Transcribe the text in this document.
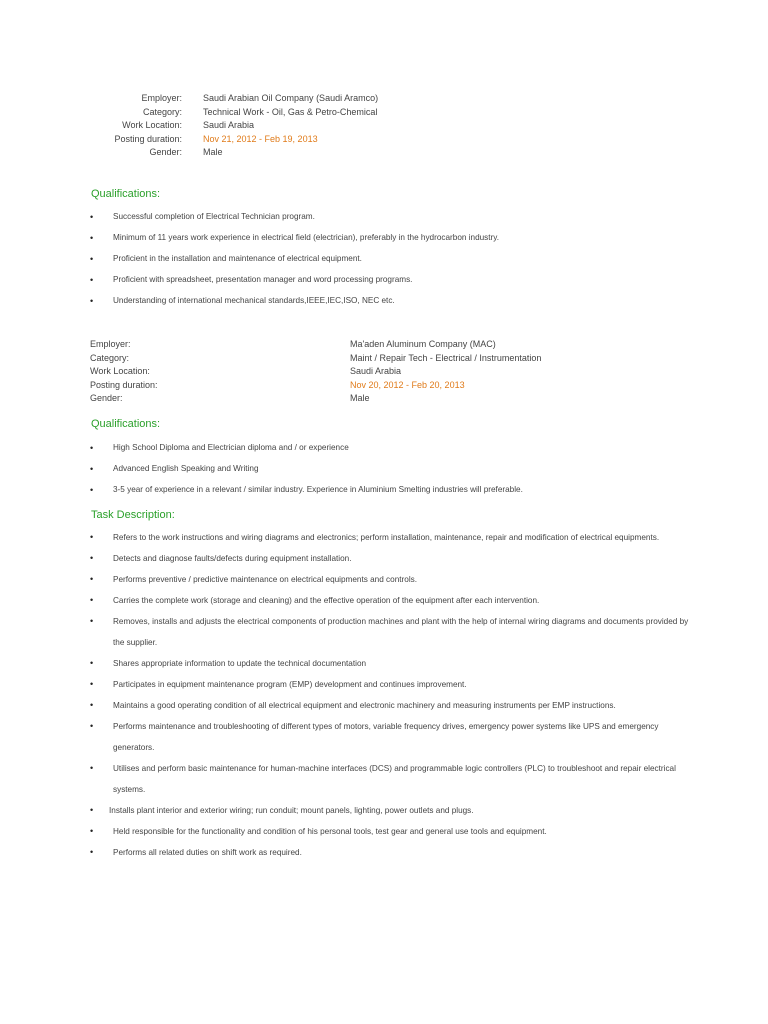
Employer: Saudi Arabian Oil Company (Saudi Aramco)
Category: Technical Work - Oil, Gas & Petro-Chemical
Work Location: Saudi Arabia
Posting duration: Nov 21, 2012 - Feb 19, 2013
Gender: Male
Qualifications:
• Successful completion of Electrical Technician program.
• Minimum of 11 years work experience in electrical field (electrician), preferably in the hydrocarbon industry.
• Proficient in the installation and maintenance of electrical equipment.
• Proficient with spreadsheet, presentation manager and word processing programs.
• Understanding of international mechanical standards,IEEE,IEC,ISO, NEC etc.
Employer:	Ma'aden Aluminum Company (MAC)
Category:	Maint / Repair Tech - Electrical / Instrumentation
Work Location:	Saudi Arabia
Posting duration:	Nov 20, 2012 - Feb 20, 2013
Gender:	Male
Qualifications:
• High School Diploma and Electrician diploma and / or experience
• Advanced English Speaking and Writing
• 3-5 year of experience in a relevant / similar industry. Experience in Aluminium Smelting industries will preferable.
Task Description:
• Refers to the work instructions and wiring diagrams and electronics; perform installation, maintenance, repair and modification of electrical equipments.
• Detects and diagnose faults/defects during equipment installation.
• Performs preventive / predictive maintenance on electrical equipments and controls.
• Carries the complete work (storage and cleaning) and the effective operation of the equipment after each intervention.
• Removes, installs and adjusts the electrical components of production machines and plant with the help of internal wiring diagrams and documents provided by the supplier.
• Shares appropriate information to update the technical documentation
• Participates in equipment maintenance program (EMP) development and continues improvement.
• Maintains a good operating condition of all electrical equipment and electronic machinery and measuring instruments per EMP instructions.
• Performs maintenance and troubleshooting of different types of motors, variable frequency drives, emergency power systems like UPS and emergency generators.
• Utilises and perform basic maintenance for human-machine interfaces (DCS) and programmable logic controllers (PLC) to troubleshoot and repair electrical systems.
• Installs plant interior and exterior wiring; run conduit; mount panels, lighting, power outlets and plugs.
• Held responsible for the functionality and condition of his personal tools, test gear and general use tools and equipment.
• Performs all related duties on shift work as required.
